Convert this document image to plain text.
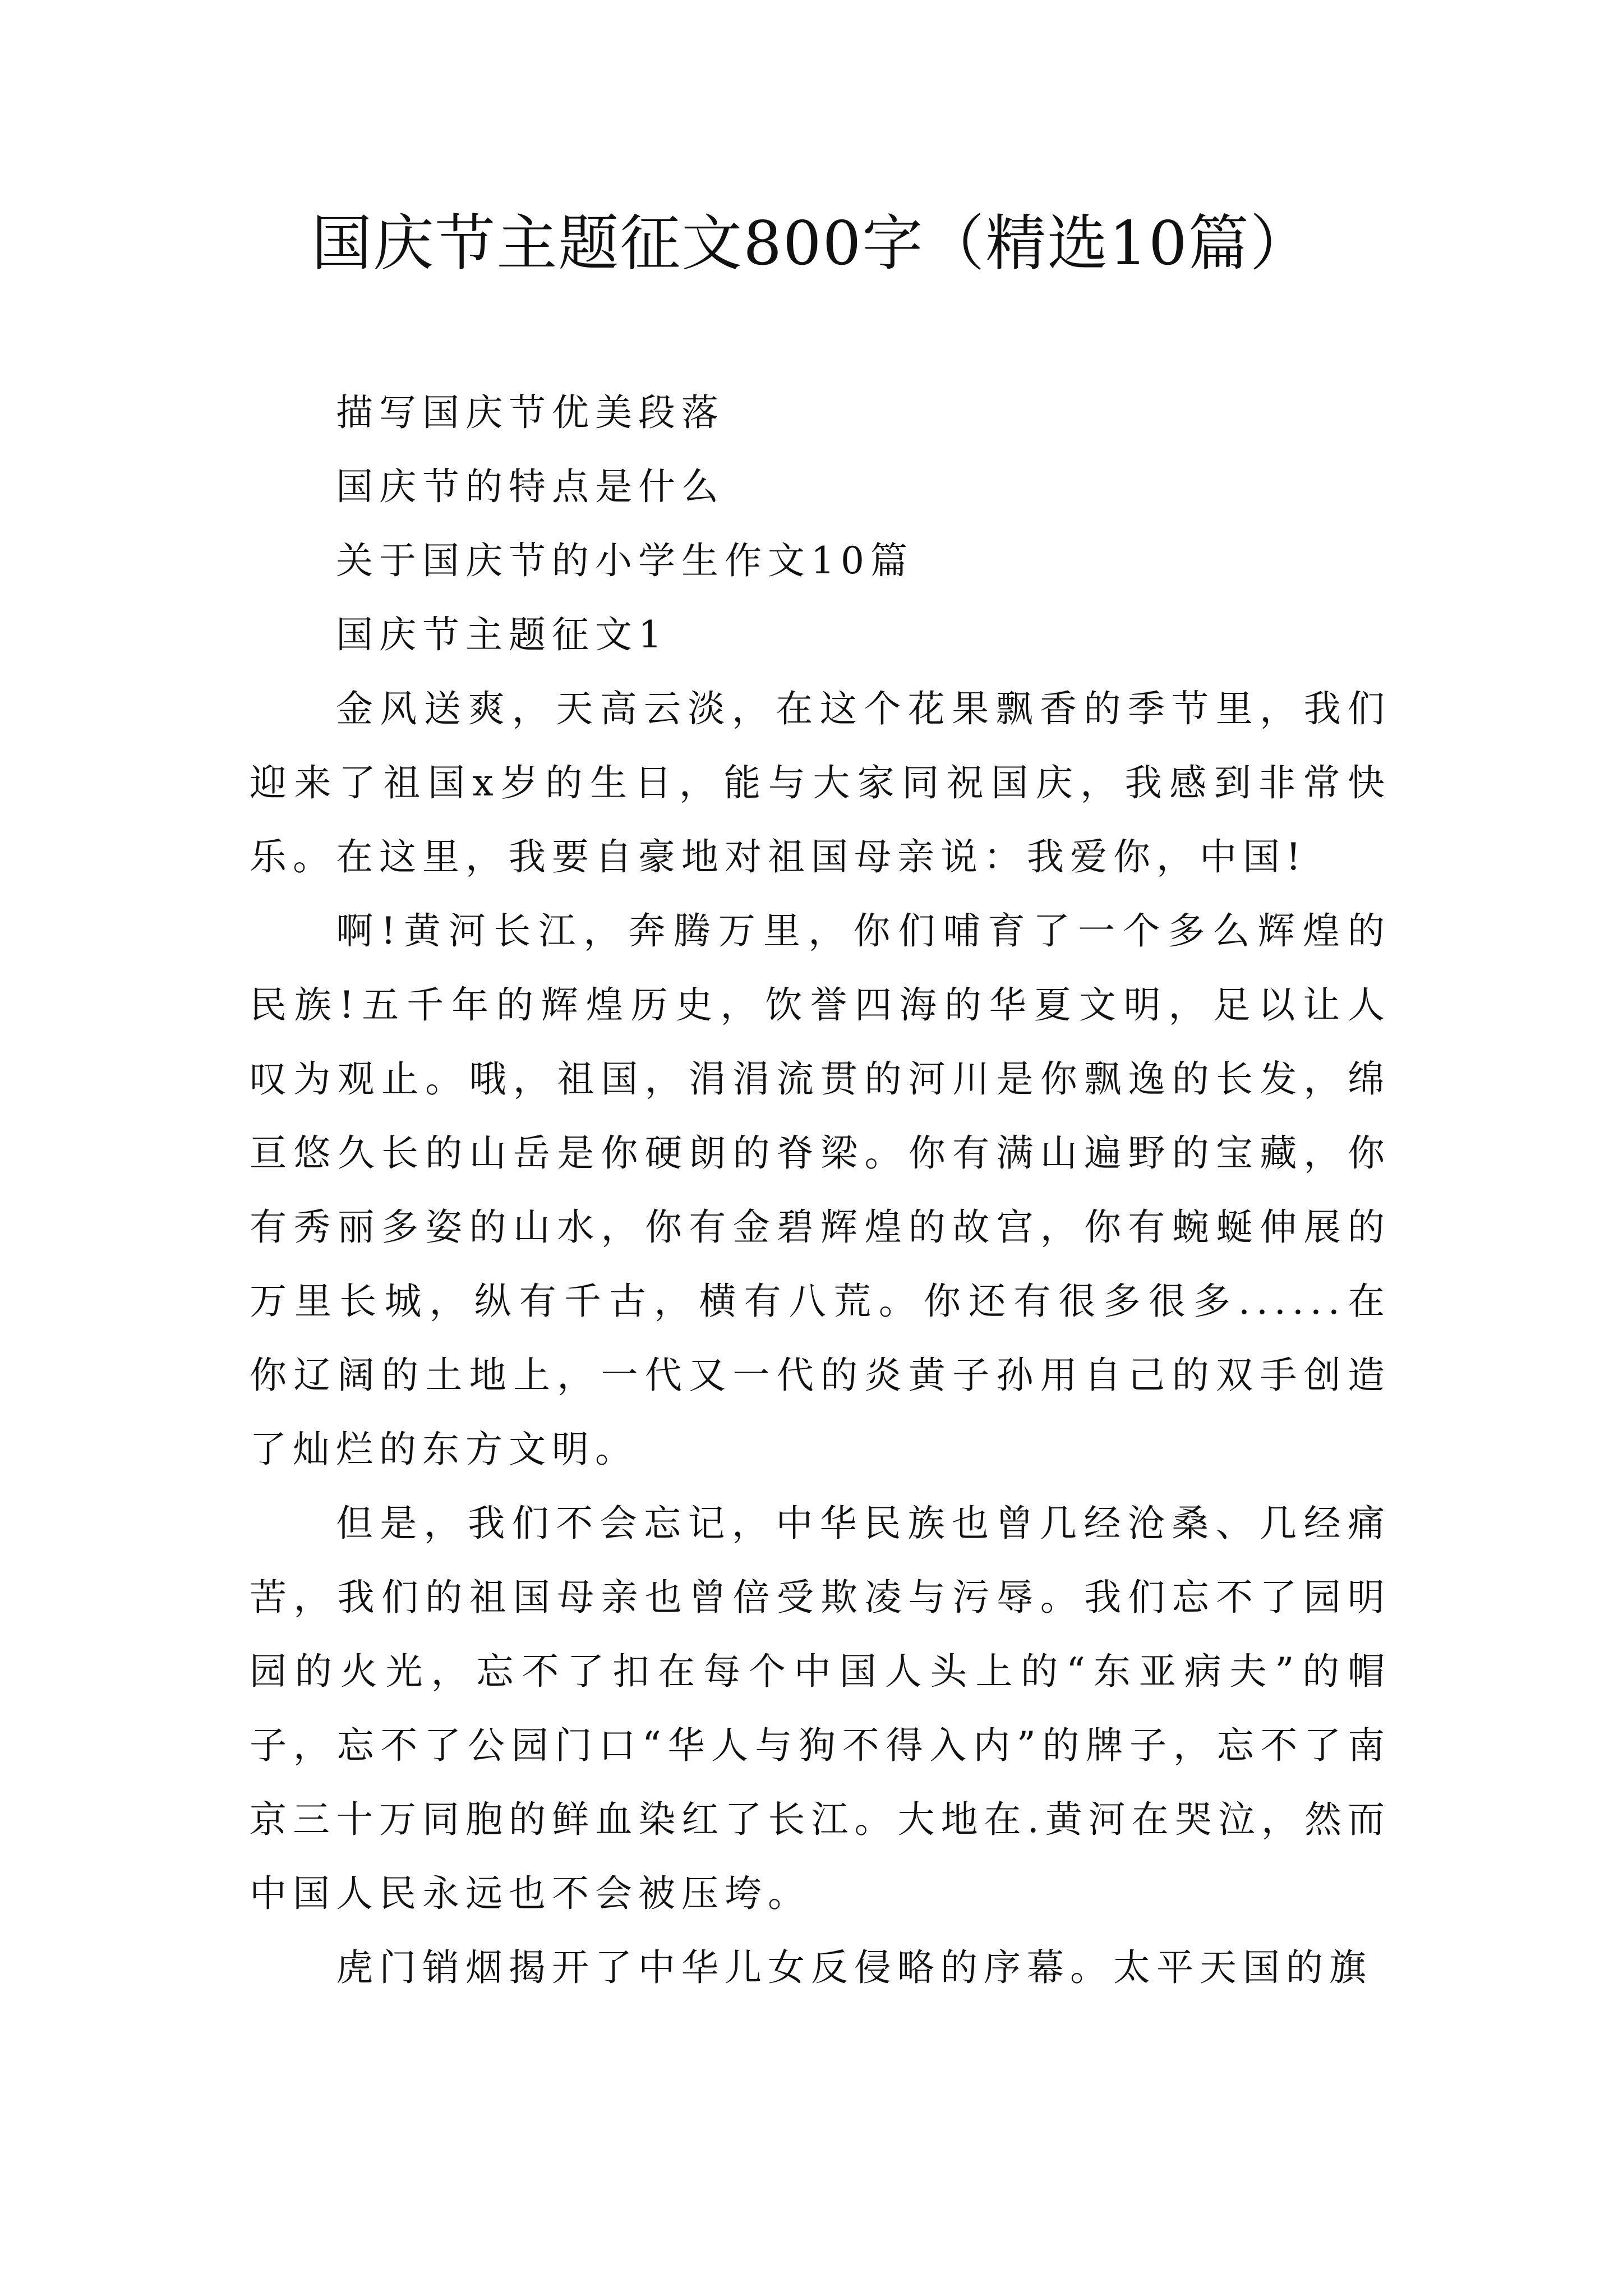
国庆节主题征文800字（精选10篇）

描写国庆节优美段落

国庆节的特点是什么

关于国庆节的小学生作文10篇

国庆节主题征文1

金风送爽，天高云淡，在这个花果飘香的季节里，我们迎来了祖国x岁的生日，能与大家同祝国庆，我感到非常快乐。在这里，我要自豪地对祖国母亲说：我爱你，中国!

啊!黄河长江，奔腾万里，你们哺育了一个多么辉煌的民族!五千年的辉煌历史，饮誉四海的华夏文明，足以让人叹为观止。哦，祖国，涓涓流贯的河川是你飘逸的长发，绵亘悠久长的山岳是你硬朗的脊梁。你有满山遍野的宝藏，你有秀丽多姿的山水，你有金碧辉煌的故宫，你有蜿蜒伸展的万里长城，纵有千古，横有八荒。你还有很多很多......在你辽阔的土地上，一代又一代的炎黄子孙用自己的双手创造了灿烂的东方文明。

但是，我们不会忘记，中华民族也曾几经沧桑、几经痛苦，我们的祖国母亲也曾倍受欺凌与污辱。我们忘不了园明园的火光，忘不了扣在每个中国人头上的“东亚病夫”的帽子，忘不了公园门口“华人与狗不得入内”的牌子，忘不了南京三十万同胞的鲜血染红了长江。大地在.黄河在哭泣，然而中国人民永远也不会被压垮。

虎门销烟揭开了中华儿女反侵略的序幕。太平天国的旗
